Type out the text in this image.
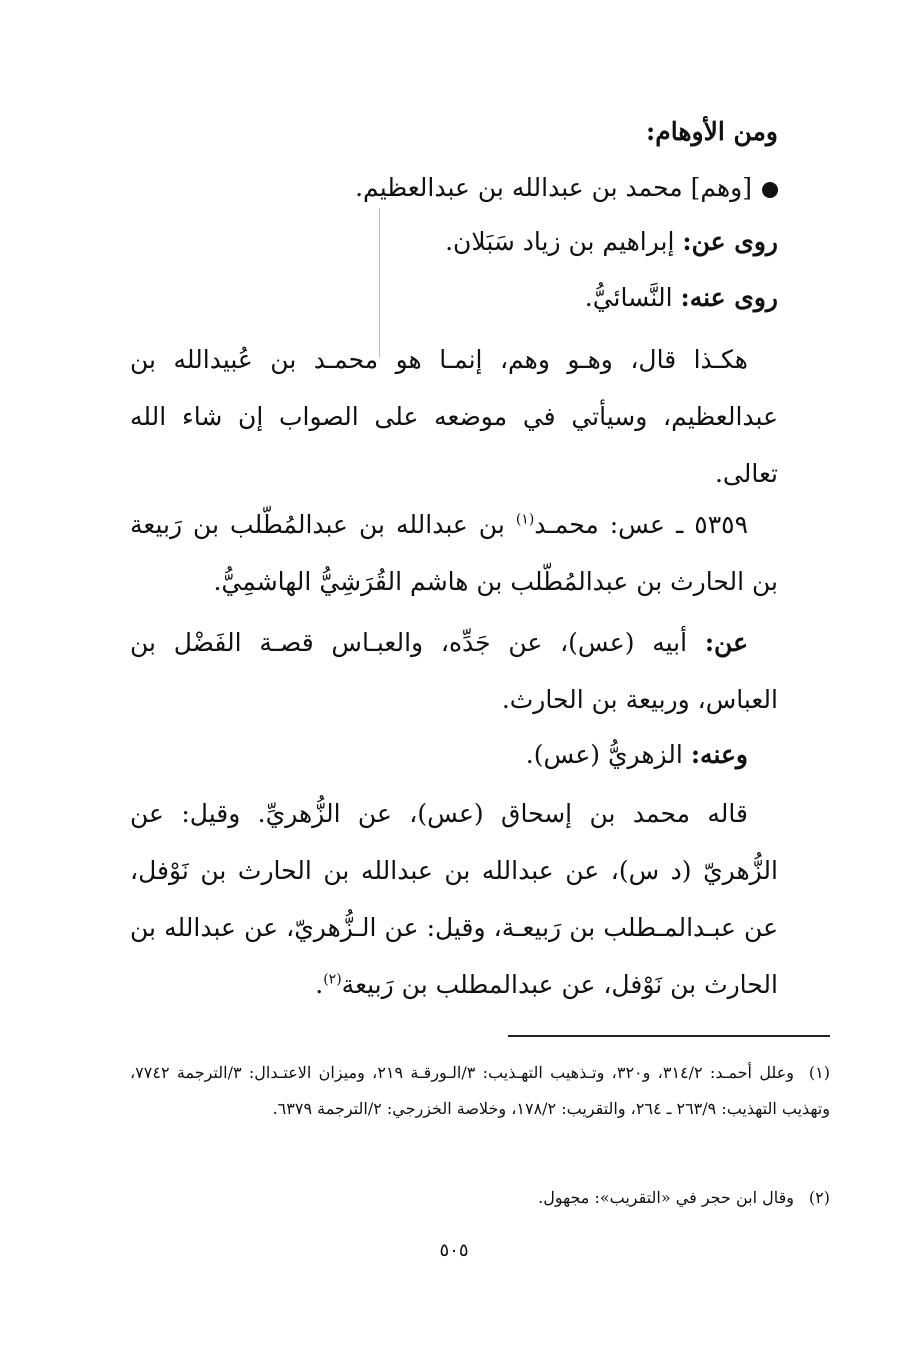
ومن الأوهام:

[وهم] محمد بن عبدالله بن عبدالعظيم.

روى عن: إبراهيم بن زياد سَبَلان.

روى عنه: النَّسائيُّ.

هكـذا قال، وهـو وهم، إنمـا هو محمـد بن عُبيدالله بن عبدالعظيم، وسيأتي في موضعه على الصواب إن شاء الله تعالى.

٥٣٥٩ ـ عس: محمـد$^{(١)}$ بن عبدالله بن عبدالمُطّلب بن رَبيعة بن الحارث بن عبدالمُطّلب بن هاشم القُرَشِيُّ الهاشمِيُّ.

عن: أبيه (عس)، عن جَدِّه، والعبـاس قصـة الفَضْل بن العباس، وربيعة بن الحارث.

وعنه: الزهريُّ (عس).

قاله محمد بن إسحاق (عس)، عن الزُّهريِّ. وقيل: عن الزُّهريّ (د س)، عن عبدالله بن عبدالله بن الحارث بن نَوْفل، عن عبـدالمـطلب بن رَبيعـة، وقيل: عن الـزُّهريّ، عن عبدالله بن الحارث بن نَوْفل، عن عبدالمطلب بن رَبيعة$^{(٢)}$.

(١)وعلل أحمـد: ٣١٤/٢، و٣٢٠، وتـذهيب التهـذيب: ٣/الـورقـة ٢١٩، وميزان الاعتـدال: ٣/الترجمة ٧٧٤٢، وتهذيب التهذيب: ٢٦٣/٩ ـ ٢٦٤، والتقريب: ١٧٨/٢، وخلاصة الخزرجي: ٢/الترجمة ٦٣٧٩.

(٢)وقال ابن حجر في «التقريب»: مجهول.

٥٠٥
